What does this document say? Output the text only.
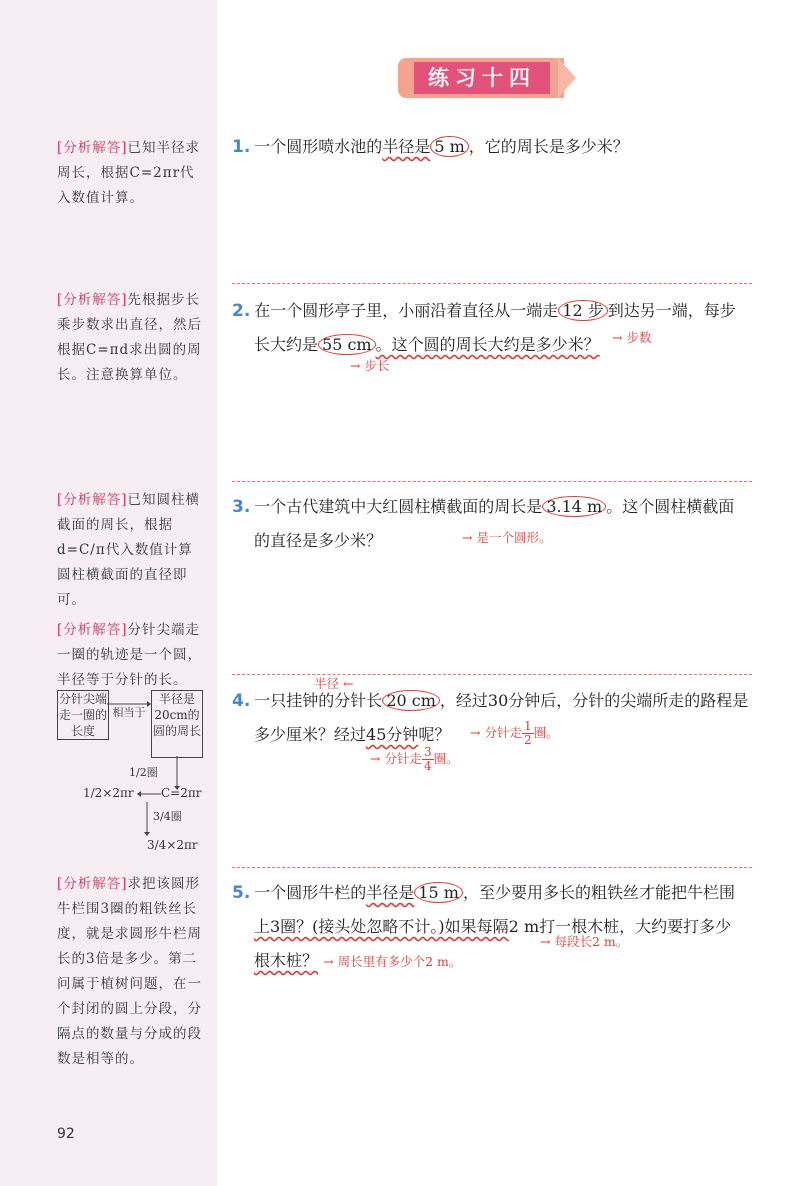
练习十四
[分析解答]已知半径求周长，根据C=2πr代入数值计算。
[分析解答]先根据步长乘步数求出直径，然后根据C=πd求出圆的周长。注意换算单位。
[分析解答]已知圆柱横截面的周长，根据d=C/π代入数值计算圆柱横截面的直径即可。
[分析解答]分针尖端走一圈的轨迹是一个圆，半径等于分针的长。
分针尖端走一圈的长度
相当于
半径是20cm的圆的周长
1/2圈
1/2×2πr C=2πr
3/4圈
3/4×2πr
[分析解答]求把该圆形牛栏围3圈的粗铁丝长度，就是求圆形牛栏周长的3倍是多少。第二问属于植树问题，在一个封闭的圆上分段，分隔点的数量与分成的段数是相等的。
92
1. 一个圆形喷水池的半径是 5 m ，它的周长是多少米？
2. 在一个圆形亭子里，小丽沿着直径从一端走 12 步 到达另一端，每步
长大约是 55 cm 。这个圆的周长大约是多少米？ → 步数
→ 步长
3. 一个古代建筑中大红圆柱横截面的周长是 3.14 m 。这个圆柱横截面
的直径是多少米？	→ 是一个圆形。
半径 ←
4. 一只挂钟的分针长 20 cm ，经过30分钟后，分针的尖端所走的路程是
多少厘米？经过45分钟呢？	→ 分针走 $\frac{1}{2}$ 圈。
→ 分针走 $\frac{3}{4}$ 圈。
5. 一个圆形牛栏的半径是 15 m ，至少要用多长的粗铁丝才能把牛栏围
上3圈？(接头处忽略不计。)如果每隔2 m打一根木桩，大约要打多少
根木桩？ → 周长里有多少个2 m。
→ 每段长2 m。
